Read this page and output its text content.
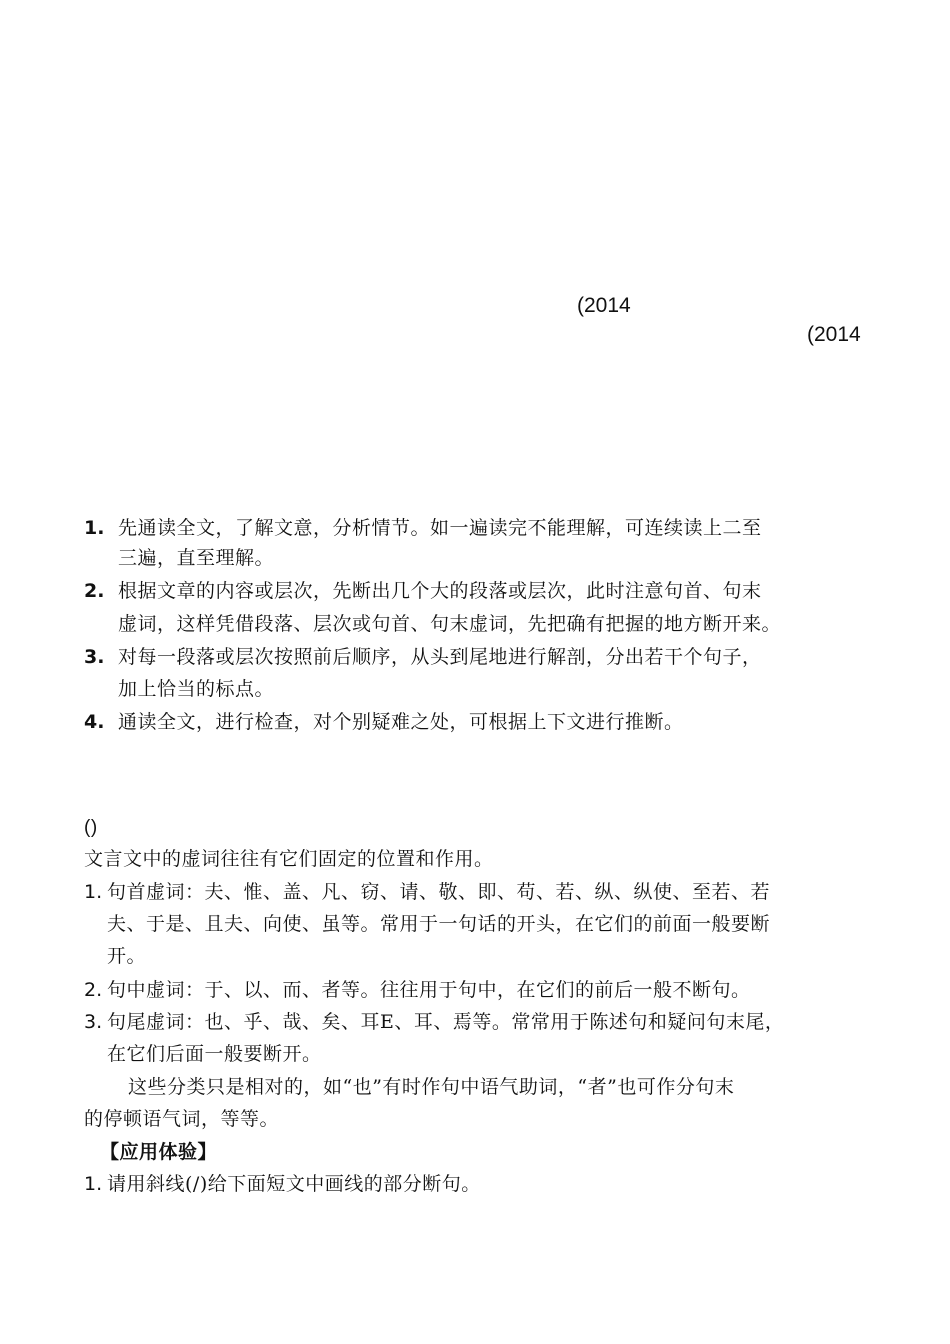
(2014
(2014
1. 先通读全文，了解文意，分析情节。如一遍读完不能理解，可连续读上二至
三遍，直至理解。
2. 根据文章的内容或层次，先断出几个大的段落或层次，此时注意句首、句末
虚词，这样凭借段落、层次或句首、句末虚词，先把确有把握的地方断开来。
3. 对每一段落或层次按照前后顺序，从头到尾地进行解剖，分出若干个句子，
加上恰当的标点。
4. 通读全文，进行检查，对个别疑难之处，可根据上下文进行推断。
()
文言文中的虚词往往有它们固定的位置和作用。
1. 句首虚词：夫、惟、盖、凡、窃、请、敬、即、苟、若、纵、纵使、至若、若
夫、于是、且夫、向使、虽等。常用于一句话的开头，在它们的前面一般要断
开。
2. 句中虚词：于、以、而、者等。往往用于句中，在它们的前后一般不断句。
3. 句尾虚词：也、乎、哉、矣、耳E、耳、焉等。常常用于陈述句和疑问句末尾，
在它们后面一般要断开。
这些分类只是相对的，如“也”有时作句中语气助词，“者”也可作分句末
的停顿语气词，等等。
【应用体验】
1. 请用斜线(/)给下面短文中画线的部分断句。
